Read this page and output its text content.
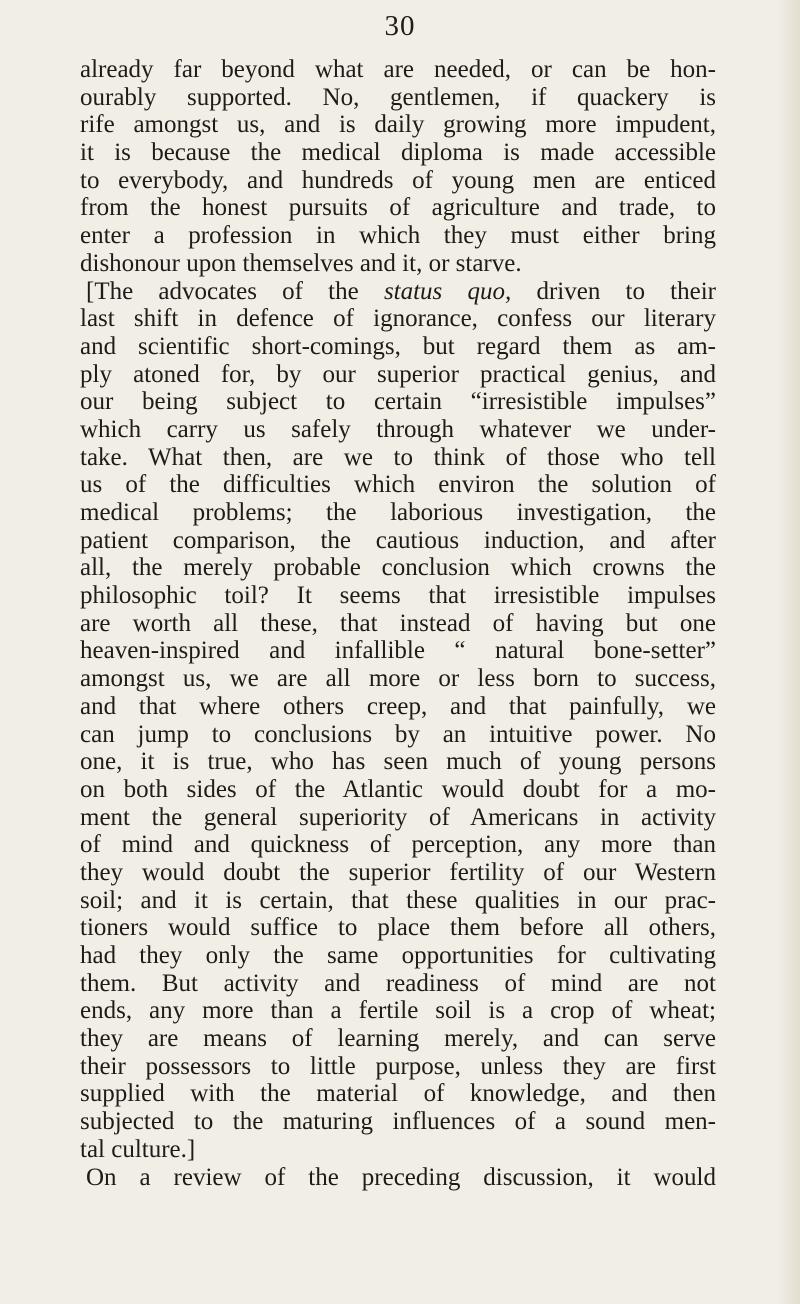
30
already far beyond what are needed, or can be hon-
ourably supported. No, gentlemen, if quackery is
rife amongst us, and is daily growing more impudent,
it is because the medical diploma is made accessible
to everybody, and hundreds of young men are enticed
from the honest pursuits of agriculture and trade, to
enter a profession in which they must either bring
dishonour upon themselves and it, or starve.
[The advocates of the status quo, driven to their
last shift in defence of ignorance, confess our literary
and scientific short-comings, but regard them as am-
ply atoned for, by our superior practical genius, and
our being subject to certain “irresistible impulses”
which carry us safely through whatever we under-
take. What then, are we to think of those who tell
us of the difficulties which environ the solution of
medical problems; the laborious investigation, the
patient comparison, the cautious induction, and after
all, the merely probable conclusion which crowns the
philosophic toil? It seems that irresistible impulses
are worth all these, that instead of having but one
heaven-inspired and infallible “ natural bone-setter”
amongst us, we are all more or less born to success,
and that where others creep, and that painfully, we
can jump to conclusions by an intuitive power. No
one, it is true, who has seen much of young persons
on both sides of the Atlantic would doubt for a mo-
ment the general superiority of Americans in activity
of mind and quickness of perception, any more than
they would doubt the superior fertility of our Western
soil; and it is certain, that these qualities in our prac-
tioners would suffice to place them before all others,
had they only the same opportunities for cultivating
them. But activity and readiness of mind are not
ends, any more than a fertile soil is a crop of wheat;
they are means of learning merely, and can serve
their possessors to little purpose, unless they are first
supplied with the material of knowledge, and then
subjected to the maturing influences of a sound men-
tal culture.]
On a review of the preceding discussion, it would
